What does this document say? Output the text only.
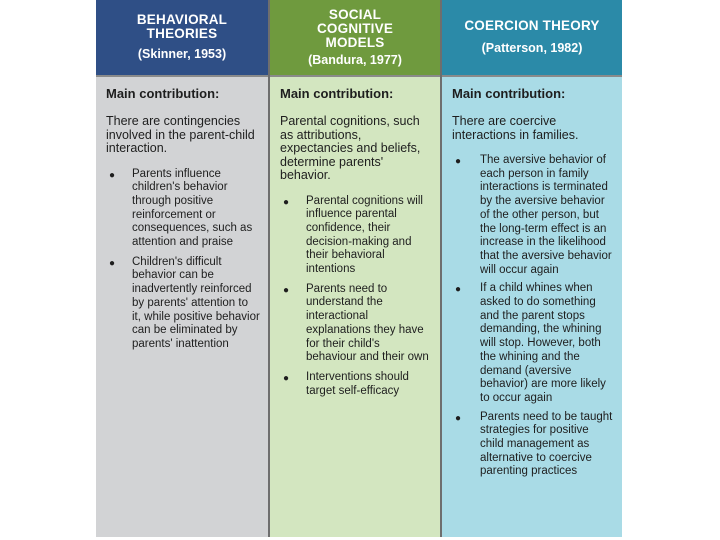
BEHAVIORAL
THEORIES
(Skinner, 1953)
Main contribution:
There are contingencies involved in the parent-child interaction.
● Parents influence children's behavior through positive reinforcement or consequences, such as attention and praise
● Children's difficult behavior can be inadvertently reinforced by parents' attention to it, while positive behavior can be eliminated by parents' inattention
SOCIAL
COGNITIVE
MODELS
(Bandura, 1977)
Main contribution:
Parental cognitions, such as attributions, expectancies and beliefs, determine parents' behavior.
● Parental cognitions will influence parental confidence, their decision-making and their behavioral intentions
● Parents need to understand the interactional explanations they have for their child's behaviour and their own
● Interventions should target self-efficacy
COERCION THEORY
(Patterson, 1982)
Main contribution:
There are coercive interactions in families.
● The aversive behavior of each person in family interactions is terminated by the aversive behavior of the other person, but the long-term effect is an increase in the likelihood that the aversive behavior will occur again
● If a child whines when asked to do something and the parent stops demanding, the whining will stop. However, both the whining and the demand (aversive behavior) are more likely to occur again
● Parents need to be taught strategies for positive child management as alternative to coercive parenting practices
